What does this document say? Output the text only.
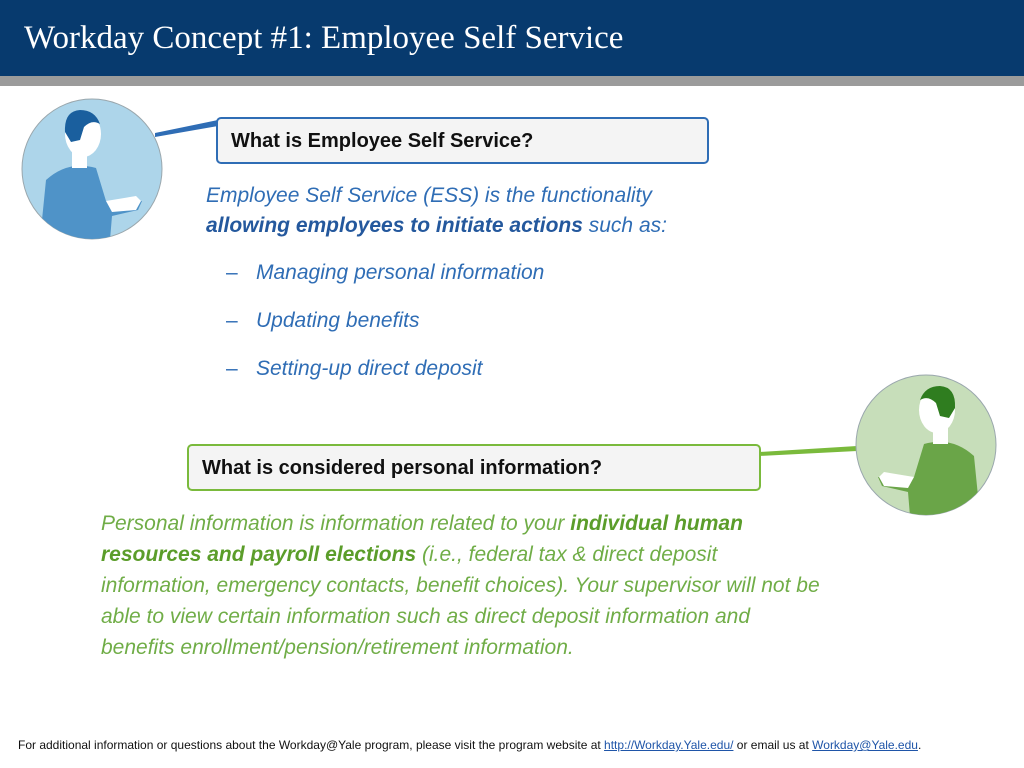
Workday Concept #1: Employee Self Service
What is Employee Self Service?

Employee Self Service (ESS) is the functionality
allowing employees to initiate actions such as:

– Managing personal information
– Updating benefits
– Setting-up direct deposit
What is considered personal information?

Personal information is information related to your individual human
resources and payroll elections (i.e., federal tax & direct deposit information, emergency contacts, benefit choices). Your supervisor will not be able to view certain information such as direct deposit information and benefits enrollment/pension/retirement information.

For additional information or questions about the Workday@Yale program, please visit the program website at http://Workday.Yale.edu/ or email us at Workday@Yale.edu.
